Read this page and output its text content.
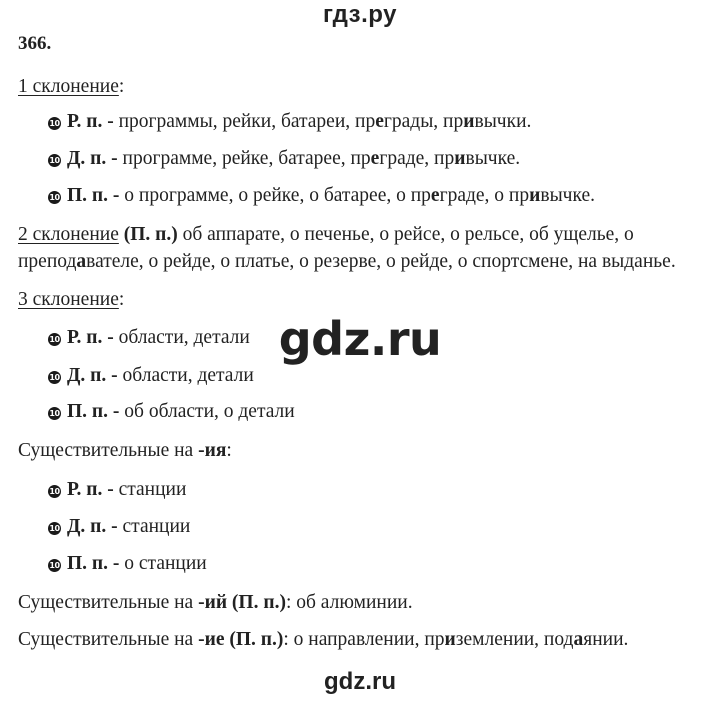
гдз.ру
366.
1 склонение:
10 Р. п. - программы, рейки, батареи, преграды, привычки.
10 Д. п. - программе, рейке, батарее, преграде, привычке.
10 П. п. - о программе, о рейке, о батарее, о преграде, о привычке.
2 склонение (П. п.) об аппарате, о печенье, о рейсе, о рельсе, об ущелье, о
преподавателе, о рейде, о платье, о резерве, о рейде, о спортсмене, на выданье.
3 склонение:
10 Р. п. - области, детали
10 Д. п. - области, детали
10 П. п. - об области, о детали
gdz.ru
Существительные на -ия:
10 Р. п. - станции
10 Д. п. - станции
10 П. п. - о станции
Существительные на -ий (П. п.): об алюминии.
Существительные на -ие (П. п.): о направлении, приземлении, подаянии.
gdz.ru
